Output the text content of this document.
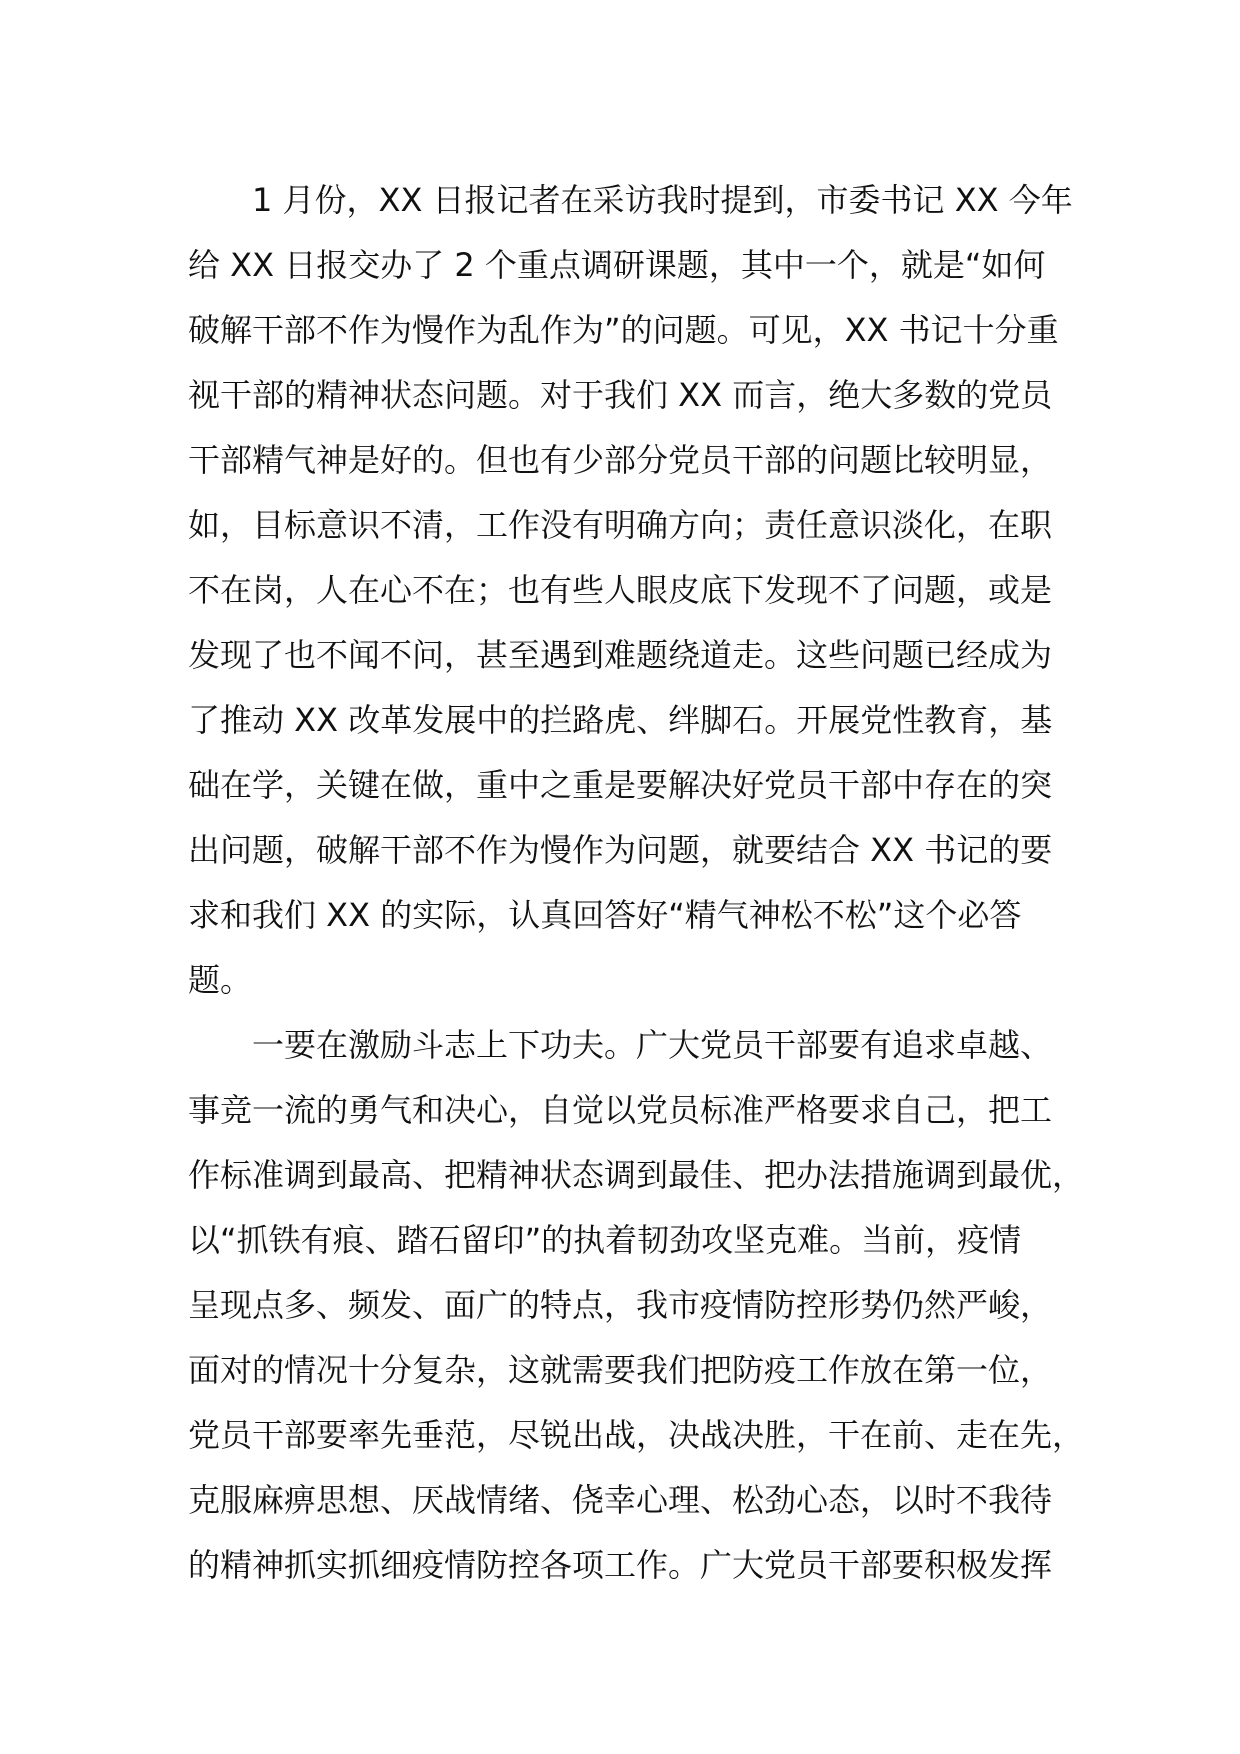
　　1 月份，XX 日报记者在采访我时提到，市委书记 XX 今年
给 XX 日报交办了 2 个重点调研课题，其中一个，就是“如何
破解干部不作为慢作为乱作为”的问题。可见，XX 书记十分重
视干部的精神状态问题。对于我们 XX 而言，绝大多数的党员
干部精气神是好的。但也有少部分党员干部的问题比较明显，
如，目标意识不清，工作没有明确方向；责任意识淡化，在职
不在岗，人在心不在；也有些人眼皮底下发现不了问题，或是
发现了也不闻不问，甚至遇到难题绕道走。这些问题已经成为
了推动 XX 改革发展中的拦路虎、绊脚石。开展党性教育，基
础在学，关键在做，重中之重是要解决好党员干部中存在的突
出问题，破解干部不作为慢作为问题，就要结合 XX 书记的要
求和我们 XX 的实际，认真回答好“精气神松不松”这个必答
题。
　　一要在激励斗志上下功夫。广大党员干部要有追求卓越、
事竞一流的勇气和决心，自觉以党员标准严格要求自己，把工
作标准调到最高、把精神状态调到最佳、把办法措施调到最优，
以“抓铁有痕、踏石留印”的执着韧劲攻坚克难。当前，疫情
呈现点多、频发、面广的特点，我市疫情防控形势仍然严峻，
面对的情况十分复杂，这就需要我们把防疫工作放在第一位，
党员干部要率先垂范，尽锐出战，决战决胜，干在前、走在先，
克服麻痹思想、厌战情绪、侥幸心理、松劲心态，以时不我待
的精神抓实抓细疫情防控各项工作。广大党员干部要积极发挥
